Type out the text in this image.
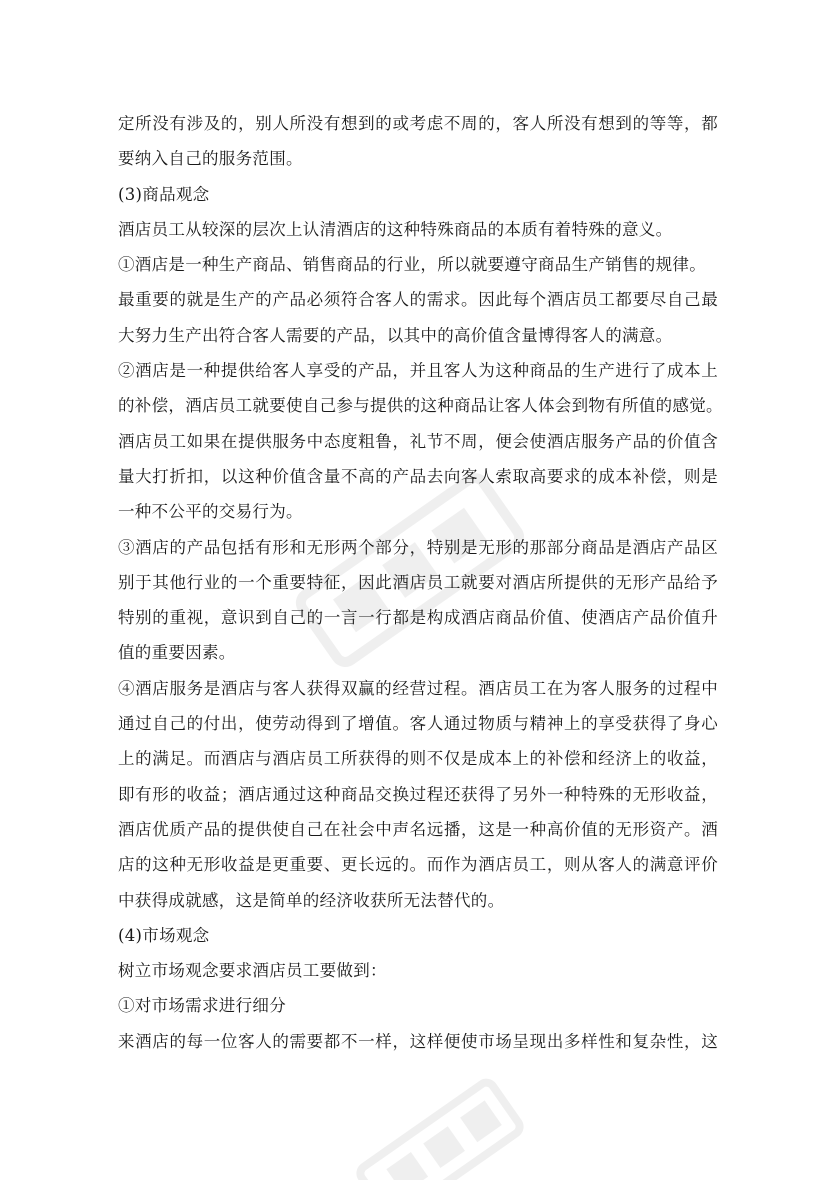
定所没有涉及的，别人所没有想到的或考虑不周的，客人所没有想到的等等，都
要纳入自己的服务范围。
(3)商品观念
酒店员工从较深的层次上认清酒店的这种特殊商品的本质有着特殊的意义。
①酒店是一种生产商品、销售商品的行业，所以就要遵守商品生产销售的规律。
最重要的就是生产的产品必须符合客人的需求。因此每个酒店员工都要尽自己最
大努力生产出符合客人需要的产品，以其中的高价值含量博得客人的满意。
②酒店是一种提供给客人享受的产品，并且客人为这种商品的生产进行了成本上
的补偿，酒店员工就要使自己参与提供的这种商品让客人体会到物有所值的感觉。
酒店员工如果在提供服务中态度粗鲁，礼节不周，便会使酒店服务产品的价值含
量大打折扣，以这种价值含量不高的产品去向客人索取高要求的成本补偿，则是
一种不公平的交易行为。
③酒店的产品包括有形和无形两个部分，特别是无形的那部分商品是酒店产品区
别于其他行业的一个重要特征，因此酒店员工就要对酒店所提供的无形产品给予
特别的重视，意识到自己的一言一行都是构成酒店商品价值、使酒店产品价值升
值的重要因素。
④酒店服务是酒店与客人获得双赢的经营过程。酒店员工在为客人服务的过程中
通过自己的付出，使劳动得到了增值。客人通过物质与精神上的享受获得了身心
上的满足。而酒店与酒店员工所获得的则不仅是成本上的补偿和经济上的收益，
即有形的收益；酒店通过这种商品交换过程还获得了另外一种特殊的无形收益，
酒店优质产品的提供使自己在社会中声名远播，这是一种高价值的无形资产。酒
店的这种无形收益是更重要、更长远的。而作为酒店员工，则从客人的满意评价
中获得成就感，这是简单的经济收获所无法替代的。
(4)市场观念
树立市场观念要求酒店员工要做到：
①对市场需求进行细分
来酒店的每一位客人的需要都不一样，这样便使市场呈现出多样性和复杂性，这
